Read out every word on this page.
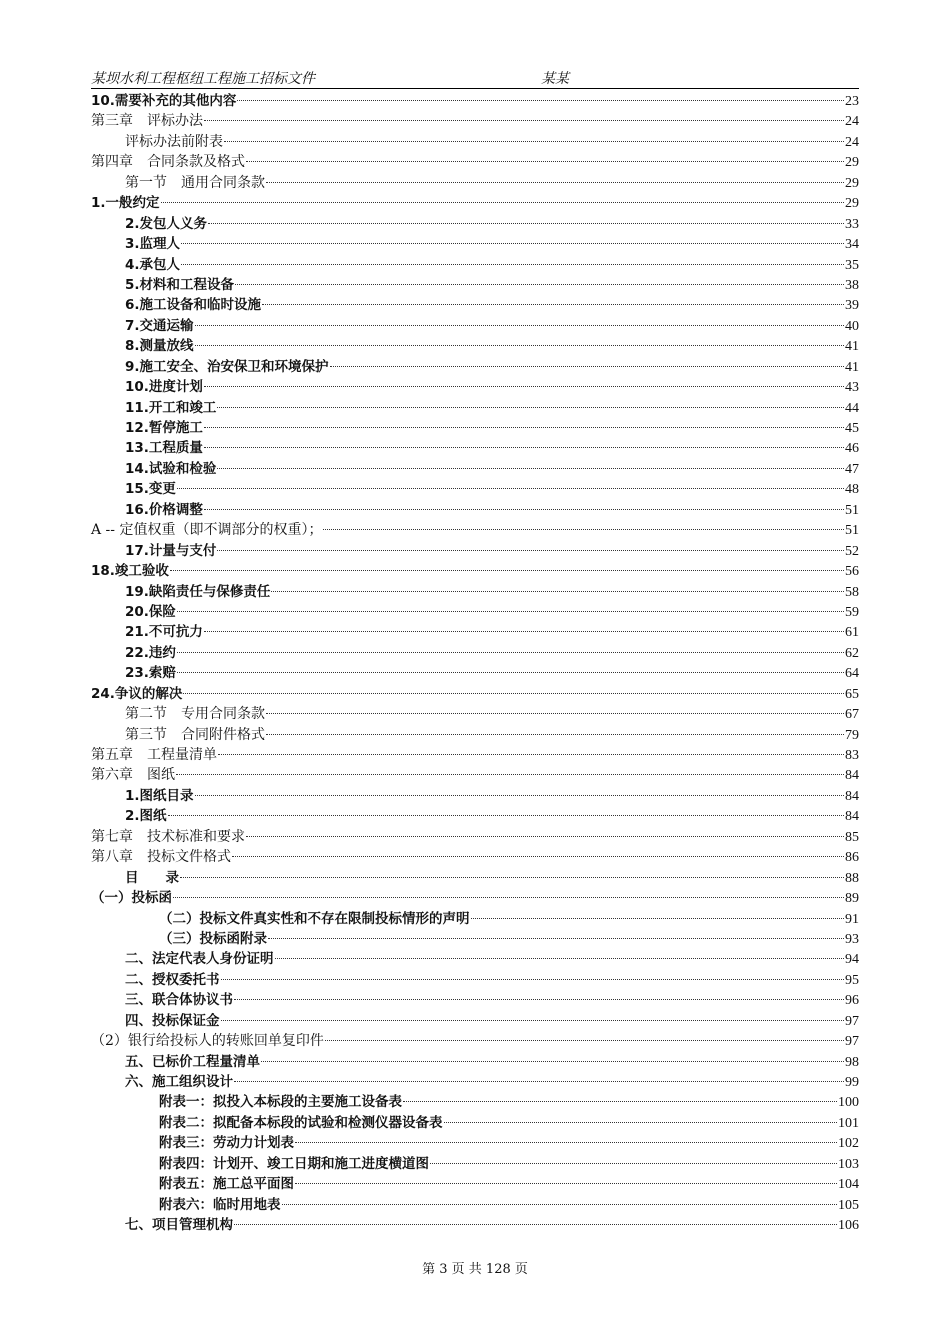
某坝水利工程枢纽工程施工招标文件	某某
10.需要补充的其他内容	23
第三章　评标办法	24
评标办法前附表	24
第四章　合同条款及格式	29
第一节　通用合同条款	29
1.一般约定	29
2.发包人义务	33
3.监理人	34
4.承包人	35
5.材料和工程设备	38
6.施工设备和临时设施	39
7.交通运输	40
8.测量放线	41
9.施工安全、治安保卫和环境保护	41
10.进度计划	43
11.开工和竣工	44
12.暂停施工	45
13.工程质量	46
14.试验和检验	47
15.变更	48
16.价格调整	51
A -- 定值权重（即不调部分的权重）；	51
17.计量与支付	52
18.竣工验收	56
19.缺陷责任与保修责任	58
20.保险	59
21.不可抗力	61
22.违约	62
23.索赔	64
24.争议的解决	65
第二节　专用合同条款	67
第三节　合同附件格式	79
第五章　工程量清单	83
第六章　图纸	84
1.图纸目录	84
2.图纸	84
第七章　技术标准和要求	85
第八章　投标文件格式	86
目　　录	88
（一）投标函	89
（二）投标文件真实性和不存在限制投标情形的声明	91
（三）投标函附录	93
二、法定代表人身份证明	94
二、授权委托书	95
三、联合体协议书	96
四、投标保证金	97
（2）银行给投标人的转账回单复印件	97
五、已标价工程量清单	98
六、施工组织设计	99
附表一：拟投入本标段的主要施工设备表	100
附表二：拟配备本标段的试验和检测仪器设备表	101
附表三：劳动力计划表	102
附表四：计划开、竣工日期和施工进度横道图	103
附表五：施工总平面图	104
附表六：临时用地表	105
七、项目管理机构	106
第 3 页 共 128 页
